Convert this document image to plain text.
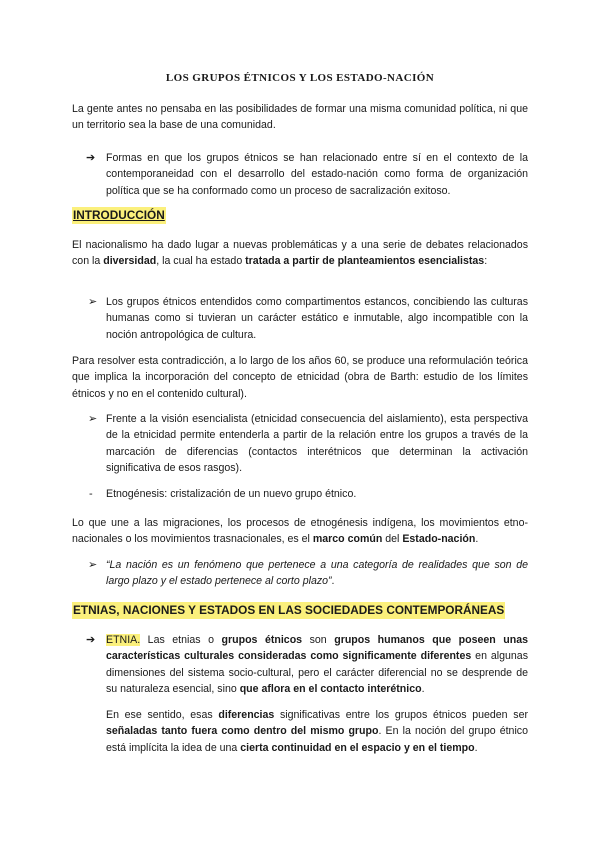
LOS GRUPOS ÉTNICOS Y LOS ESTADO-NACIÓN
La gente antes no pensaba en las posibilidades de formar una misma comunidad política, ni que un territorio sea la base de una comunidad.
➔ Formas en que los grupos étnicos se han relacionado entre sí en el contexto de la contemporaneidad con el desarrollo del estado-nación como forma de organización política que se ha conformado como un proceso de sacralización exitoso.
INTRODUCCIÓN
El nacionalismo ha dado lugar a nuevas problemáticas y a una serie de debates relacionados con la diversidad, la cual ha estado tratada a partir de planteamientos esencialistas:
➢ Los grupos étnicos entendidos como compartimentos estancos, concibiendo las culturas humanas como si tuvieran un carácter estático e inmutable, algo incompatible con la noción antropológica de cultura.
Para resolver esta contradicción, a lo largo de los años 60, se produce una reformulación teórica que implica la incorporación del concepto de etnicidad (obra de Barth: estudio de los límites étnicos y no en el contenido cultural).
➢ Frente a la visión esencialista (etnicidad consecuencia del aislamiento), esta perspectiva de la etnicidad permite entenderla a partir de la relación entre los grupos a través de la marcación de diferencias (contactos interétnicos que determinan la activación significativa de esos rasgos).
- Etnogénesis: cristalización de un nuevo grupo étnico.
Lo que une a las migraciones, los procesos de etnogénesis indígena, los movimientos etno-nacionales o los movimientos trasnacionales, es el marco común del Estado-nación.
➢ “La nación es un fenómeno que pertenece a una categoría de realidades que son de largo plazo y el estado pertenece al corto plazo”.
ETNIAS, NACIONES Y ESTADOS EN LAS SOCIEDADES CONTEMPORÁNEAS
➔ ETNIA. Las etnias o grupos étnicos son grupos humanos que poseen unas características culturales consideradas como significamente diferentes en algunas dimensiones del sistema socio-cultural, pero el carácter diferencial no se desprende de su naturaleza esencial, sino que aflora en el contacto interétnico.
En ese sentido, esas diferencias significativas entre los grupos étnicos pueden ser señaladas tanto fuera como dentro del mismo grupo. En la noción del grupo étnico está implícita la idea de una cierta continuidad en el espacio y en el tiempo.
